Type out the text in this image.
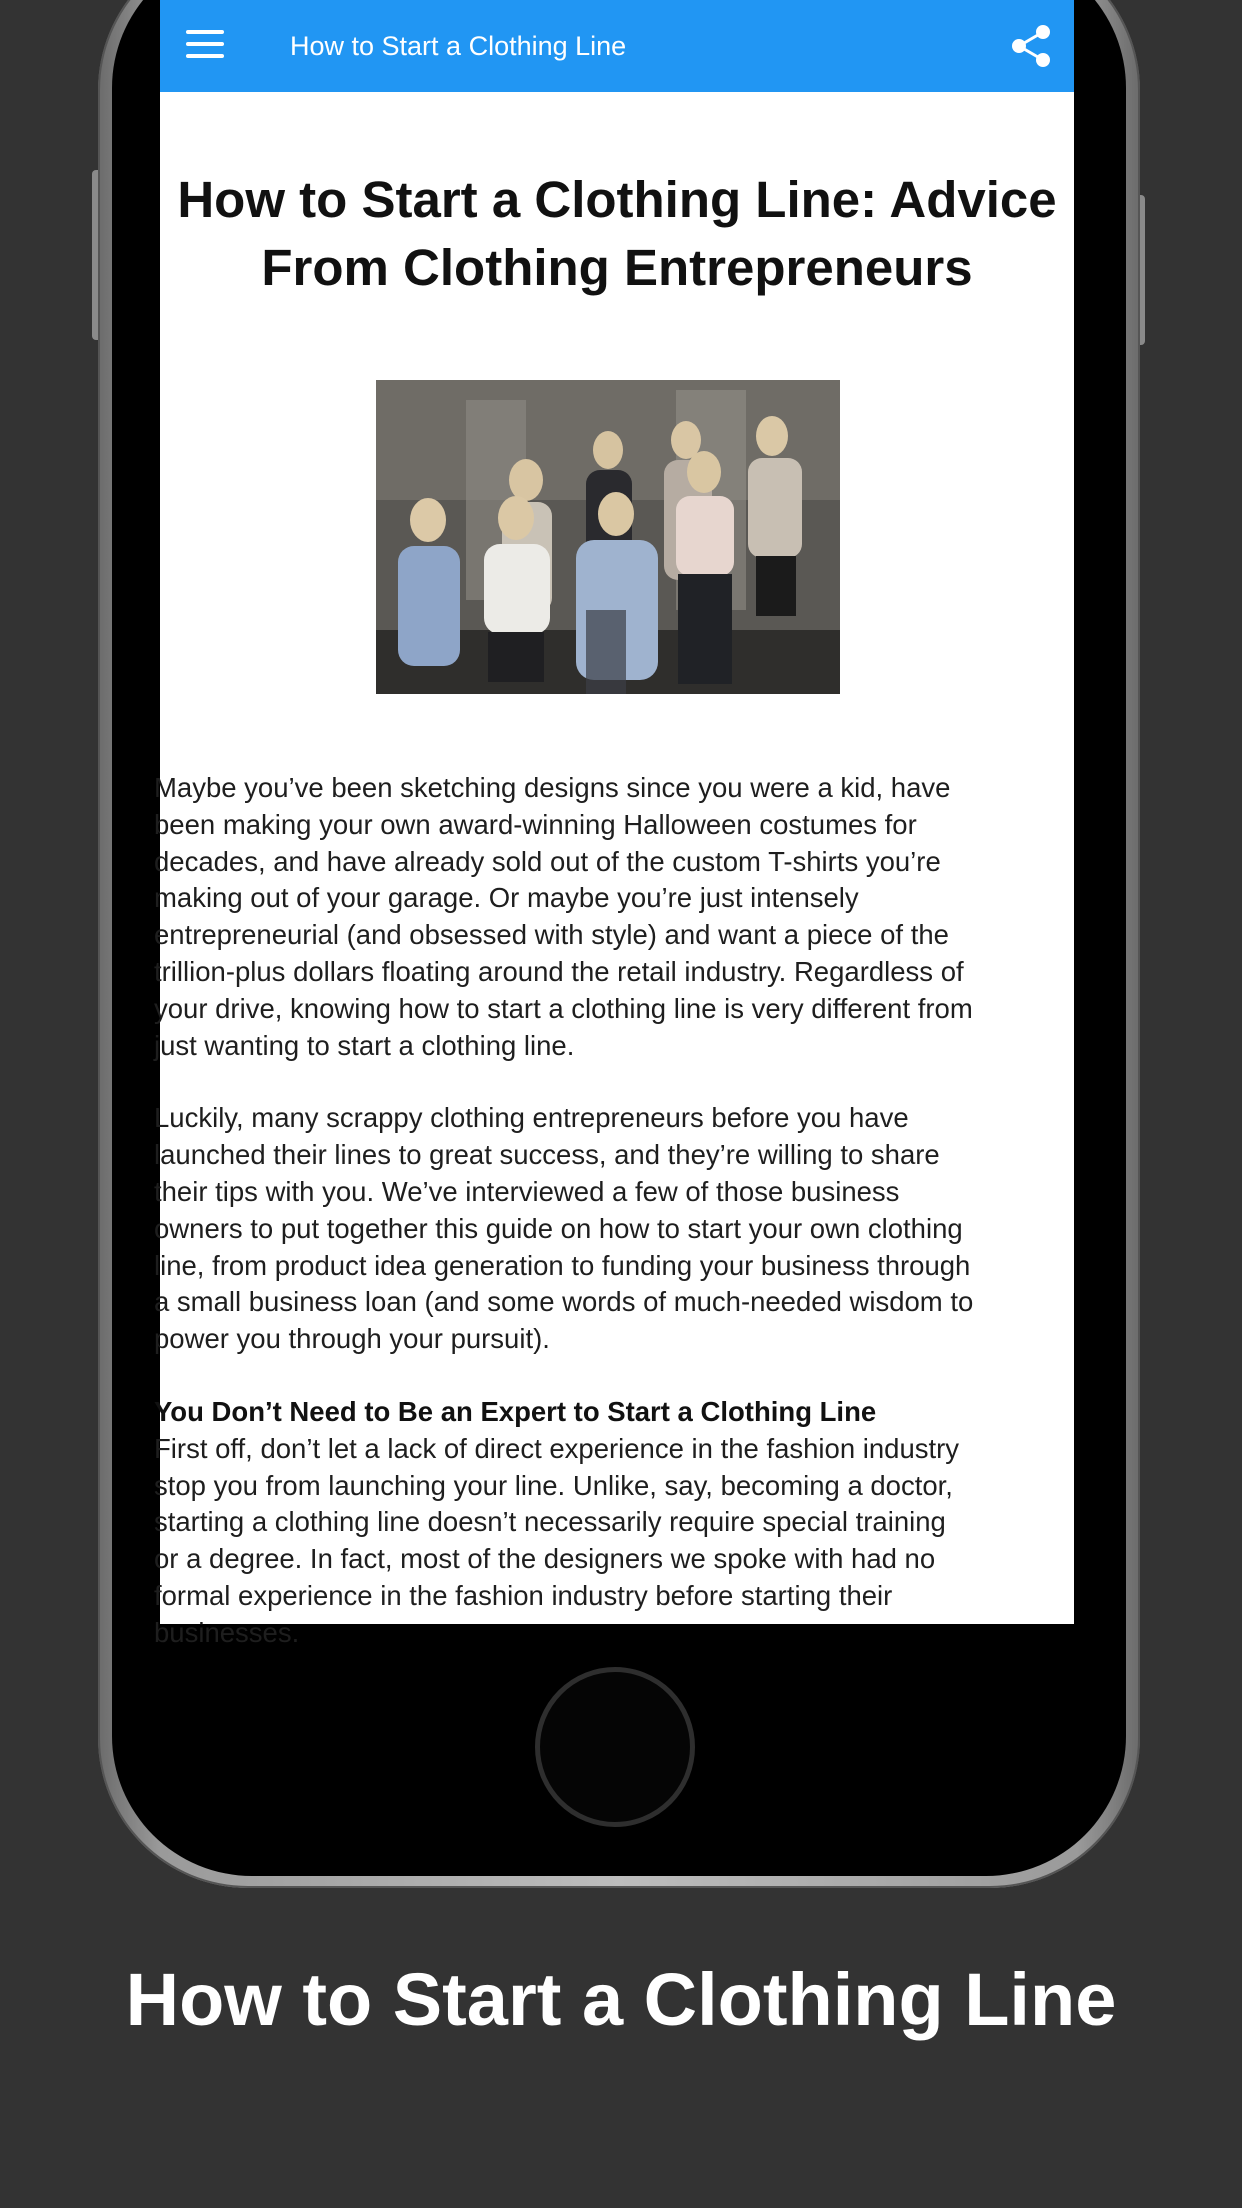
How to Start a Clothing Line
How to Start a Clothing Line: Advice
From Clothing Entrepreneurs
Maybe you’ve been sketching designs since you were a kid, have
been making your own award-winning Halloween costumes for
decades, and have already sold out of the custom T-shirts you’re
making out of your garage. Or maybe you’re just intensely
entrepreneurial (and obsessed with style) and want a piece of the
trillion-plus dollars floating around the retail industry. Regardless of
your drive, knowing how to start a clothing line is very different from
just wanting to start a clothing line.
Luckily, many scrappy clothing entrepreneurs before you have
launched their lines to great success, and they’re willing to share
their tips with you. We’ve interviewed a few of those business
owners to put together this guide on how to start your own clothing
line, from product idea generation to funding your business through
a small business loan (and some words of much-needed wisdom to
power you through your pursuit).
You Don’t Need to Be an Expert to Start a Clothing Line
First off, don’t let a lack of direct experience in the fashion industry
stop you from launching your line. Unlike, say, becoming a doctor,
starting a clothing line doesn’t necessarily require special training
or a degree. In fact, most of the designers we spoke with had no
formal experience in the fashion industry before starting their
businesses.
How to Start a Clothing Line
